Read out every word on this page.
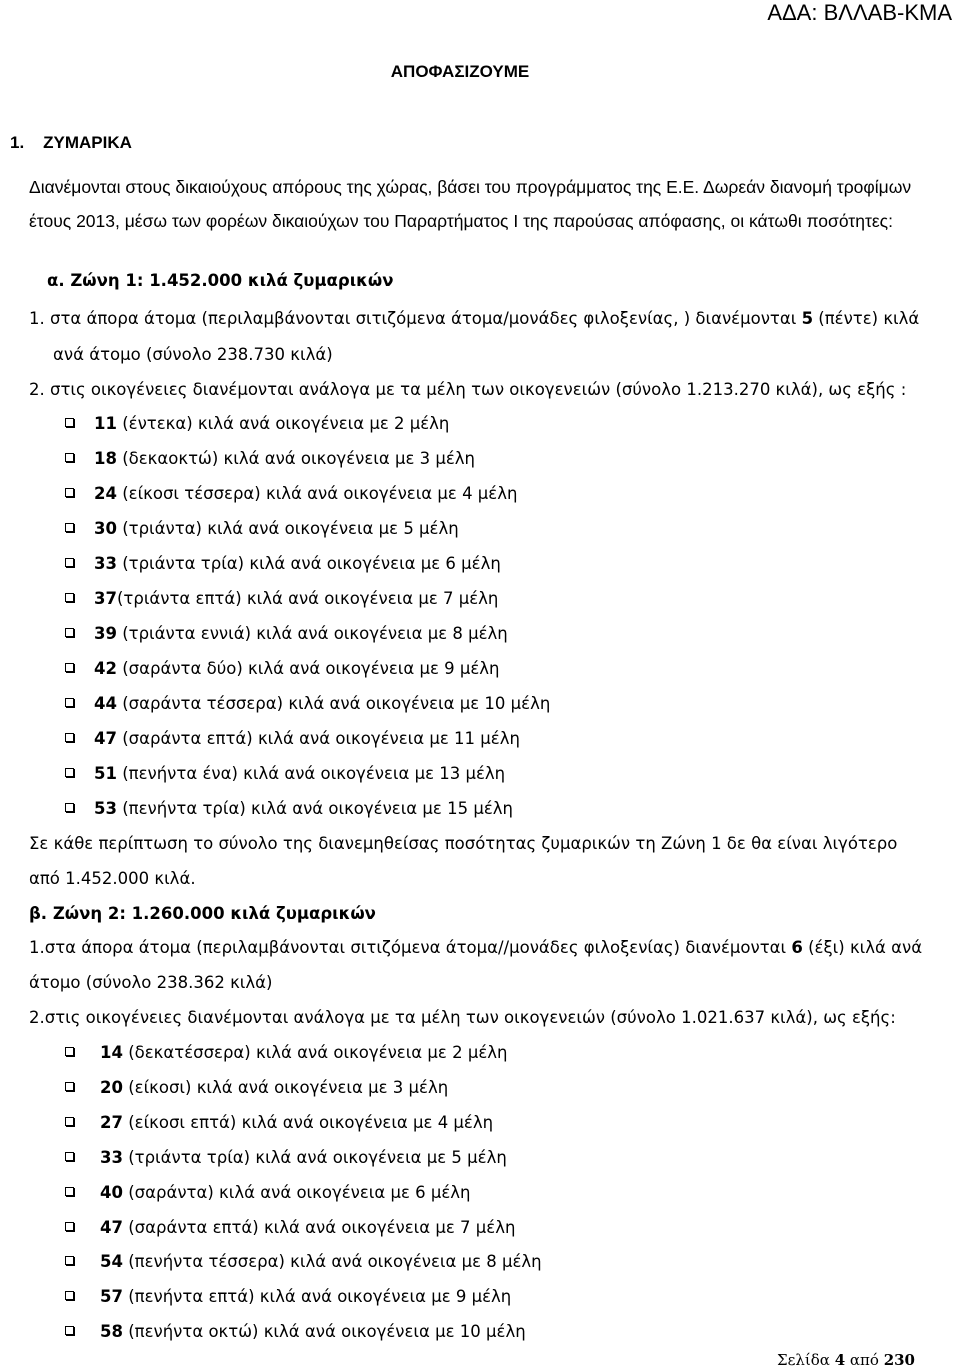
ΑΔΑ: ΒΛΛΑΒ-ΚΜΑ
ΑΠΟΦΑΣΙΖΟΥΜΕ
1. ΖΥΜΑΡΙΚΑ
Διανέμονται στους δικαιούχους απόρους της χώρας, βάσει του προγράμματος της Ε.Ε. Δωρεάν διανομή τροφίμων έτους 2013, μέσω των φορέων δικαιούχων του Παραρτήματος Ι της παρούσας απόφασης, οι κάτωθι ποσότητες:
α. Ζώνη 1: 1.452.000 κιλά ζυμαρικών
1. στα άπορα άτομα (περιλαμβάνονται σιτιζόμενα άτομα/μονάδες φιλοξενίας, ) διανέμονται 5 (πέντε) κιλά
ανά άτομο (σύνολο 238.730 κιλά)
2. στις οικογένειες διανέμονται ανάλογα με τα μέλη των οικογενειών (σύνολο 1.213.270 κιλά), ως εξής :
11 (έντεκα) κιλά ανά οικογένεια με 2 μέλη
18 (δεκαοκτώ) κιλά ανά οικογένεια με 3 μέλη
24 (είκοσι τέσσερα) κιλά ανά οικογένεια με 4 μέλη
30 (τριάντα) κιλά ανά οικογένεια με 5 μέλη
33 (τριάντα τρία) κιλά ανά οικογένεια με 6 μέλη
37(τριάντα επτά) κιλά ανά οικογένεια με 7 μέλη
39 (τριάντα εννιά) κιλά ανά οικογένεια με 8 μέλη
42 (σαράντα δύο) κιλά ανά οικογένεια με 9 μέλη
44 (σαράντα τέσσερα) κιλά ανά οικογένεια με 10 μέλη
47 (σαράντα επτά) κιλά ανά οικογένεια με 11 μέλη
51 (πενήντα ένα) κιλά ανά οικογένεια με 13 μέλη
53 (πενήντα τρία) κιλά ανά οικογένεια με 15 μέλη
Σε κάθε περίπτωση το σύνολο της διανεμηθείσας ποσότητας ζυμαρικών τη Ζώνη 1 δε θα είναι λιγότερο
από 1.452.000 κιλά.
β. Ζώνη 2: 1.260.000 κιλά ζυμαρικών
1.στα άπορα άτομα (περιλαμβάνονται σιτιζόμενα άτομα//μονάδες φιλοξενίας) διανέμονται 6 (έξι) κιλά ανά
άτομο (σύνολο 238.362 κιλά)
2.στις οικογένειες διανέμονται ανάλογα με τα μέλη των οικογενειών (σύνολο 1.021.637 κιλά), ως εξής:
14 (δεκατέσσερα) κιλά ανά οικογένεια με 2 μέλη
20 (είκοσι) κιλά ανά οικογένεια με 3 μέλη
27 (είκοσι επτά) κιλά ανά οικογένεια με 4 μέλη
33 (τριάντα τρία) κιλά ανά οικογένεια με 5 μέλη
40 (σαράντα) κιλά ανά οικογένεια με 6 μέλη
47 (σαράντα επτά) κιλά ανά οικογένεια με 7 μέλη
54 (πενήντα τέσσερα) κιλά ανά οικογένεια με 8 μέλη
57 (πενήντα επτά) κιλά ανά οικογένεια με 9 μέλη
58 (πενήντα οκτώ) κιλά ανά οικογένεια με 10 μέλη
Σελίδα 4 από 230
